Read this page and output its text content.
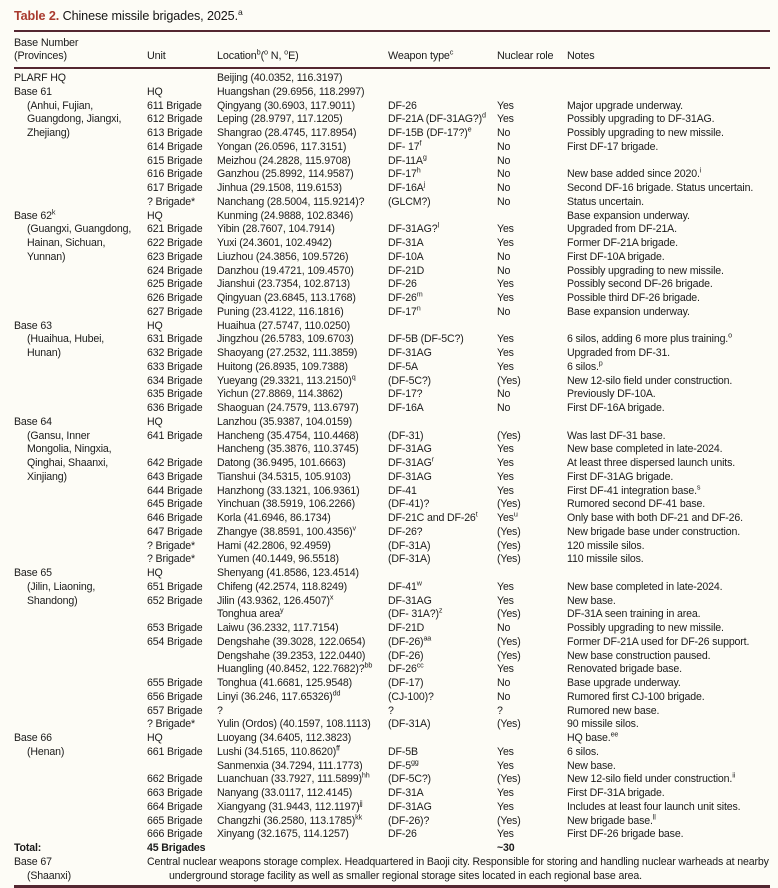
Table 2. Chinese missile brigades, 2025.$^a$
Base Number					
(Provinces)	Unit	Location$^b$($^o$ N, $^o$E)	Weapon type$^c$	Nuclear role	Notes
PLARF HQ		Beijing (40.0352, 116.3197)			
Base 61	HQ	Huangshan (29.6956, 118.2997)			
(Anhui, Fujian,	611 Brigade	Qingyang (30.6903, 117.9011)	DF-26	Yes	Major upgrade underway.
Guangdong, Jiangxi,	612 Brigade	Leping (28.9797, 117.1205)	DF-21A (DF-31AG?)$^d$	Yes	Possibly upgrading to DF-31AG.
Zhejiang)	613 Brigade	Shangrao (28.4745, 117.8954)	DF-15B (DF-17?)$^e$	No	Possibly upgrading to new missile.
	614 Brigade	Yongan (26.0596, 117.3151)	DF- 17$^f$	No	First DF-17 brigade.
	615 Brigade	Meizhou (24.2828, 115.9708)	$DF-11A^g$	No	
	616 Brigade	Ganzhou (25.8992, 114.9587)	DF-17$^h$	No	New base added since 2020.$^i$
	617 Brigade	Jinhua (29.1508, 119.6153)	$DF-16A^j$	No	Second DF-16 brigade. Status uncertain.
	? Brigade*	Nanchang (28.5004, 115.9214)?	(GLCM?)	No	Status uncertain.
Base 62$^k$	HQ	Kunming (24.9888, 102.8346)			Base expansion underway.
(Guangxi, Guangdong,	621 Brigade	Yibin (28.7607, 104.7914)	DF-31AG?$^l$	Yes	Upgraded from DF-21A.
Hainan, Sichuan,	622 Brigade	Yuxi (24.3601, 102.4942)	DF-31A	Yes	Former DF-21A brigade.
Yunnan)	623 Brigade	Liuzhou (24.3856, 109.5726)	DF-10A	No	First DF-10A brigade.
	624 Brigade	Danzhou (19.4721, 109.4570)	DF-21D	No	Possibly upgrading to new missile.
	625 Brigade	Jianshui (23.7354, 102.8713)	DF-26	Yes	Possibly second DF-26 brigade.
	626 Brigade	Qingyuan (23.6845, 113.1768)	DF-26$^m$	Yes	Possible third DF-26 brigade.
	627 Brigade	Puning (23.4122, 116.1816)	DF-17$^n$	No	Base expansion underway.
Base 63	HQ	Huaihua (27.5747, 110.0250)			
(Huaihua, Hubei,	631 Brigade	Jingzhou (26.5783, 109.6703)	DF-5B (DF-5C?)	Yes	6 silos, adding 6 more plus training.$^o$
Hunan)	632 Brigade	Shaoyang (27.2532, 111.3859)	DF-31AG	Yes	Upgraded from DF-31.
	633 Brigade	Huitong (26.8935, 109.7388)	DF-5A	Yes	6 silos.$^p$
	634 Brigade	Yueyang (29.3321, 113.2150)$^q$	(DF-5C?)	(Yes)	New 12-silo field under construction.
	635 Brigade	Yichun (27.8869, 114.3862)	DF-17?	No	Previously DF-10A.
	636 Brigade	Shaoguan (24.7579, 113.6797)	DF-16A	No	First DF-16A brigade.
Base 64	HQ	Lanzhou (35.9387, 104.0159)			
(Gansu, Inner	641 Brigade	Hancheng (35.4754, 110.4468)	(DF-31)	(Yes)	Was last DF-31 base.
Mongolia, Ningxia,		Hancheng (35.3876, 110.3745)	DF-31AG	Yes	New base completed in late-2024.
Qinghai, Shaanxi,	642 Brigade	Datong (36.9495, 101.6663)	$DF-31AG^r$	Yes	At least three dispersed launch units.
Xinjiang)	643 Brigade	Tianshui (34.5315, 105.9103)	DF-31AG	Yes	First DF-31AG brigade.
	644 Brigade	Hanzhong (33.1321, 106.9361)	DF-41	Yes	First DF-41 integration base.$^s$
	645 Brigade	Yinchuan (38.5919, 106.2266)	(DF-41)?	(Yes)	Rumored second DF-41 base.
	646 Brigade	Korla (41.6946, 86.1734)	DF-21C and DF-26$^t$	Yes$^u$	Only base with both DF-21 and DF-26.
	647 Brigade	Zhangye (38.8591, 100.4356)$^v$	DF-26?	(Yes)	New brigade base under construction.
	? Brigade*	Hami (42.2806, 92.4959)	(DF-31A)	(Yes)	120 missile silos.
	? Brigade*	Yumen (40.1449, 96.5518)	(DF-31A)	(Yes)	110 missile silos.
Base 65	HQ	Shenyang (41.8586, 123.4514)			
(Jilin, Liaoning,	651 Brigade	Chifeng (42.2574, 118.8249)	DF-41$^w$	Yes	New base completed in late-2024.
Shandong)	652 Brigade	Jilin (43.9362, 126.4507)$^x$	DF-31AG	Yes	New base.
		Tonghua area$^y$	(DF- 31A?)$^z$	(Yes)	DF-31A seen training in area.
	653 Brigade	Laiwu (36.2332, 117.7154)	DF-21D	No	Possibly upgrading to new missile.
	654 Brigade	Dengshahe (39.3028, 122.0654)	$(DF-26)^{aa}$	(Yes)	Former DF-21A used for DF-26 support.
		Dengshahe (39.2353, 122.0440)	(DF-26)	(Yes)	New base construction paused.
		Huangling (40.8452, 122.7682)?$^{bb}$	$DF-26^{cc}$	Yes	Renovated brigade base.
	655 Brigade	Tonghua (41.6681, 125.9548)	(DF-17)	No	Base upgrade underway.
	656 Brigade	Linyi (36.246, 117.65326)$^{dd}$	(CJ-100)?	No	Rumored first CJ-100 brigade.
	657 Brigade	?	?	?	Rumored new base.
	? Brigade*	Yulin (Ordos) (40.1597, 108.1113)	(DF-31A)	(Yes)	90 missile silos.
Base 66	HQ	Luoyang (34.6405, 112.3823)			HQ base.$^{ee}$
(Henan)	661 Brigade	Lushi (34.5165, 110.8620)$^{ff}$	DF-5B	Yes	6 silos.
		Sanmenxia (34.7294, 111.1773)	$DF-5^{gg}$	Yes	New base.
	662 Brigade	Luanchuan (33.7927, 111.5899)$^{hh}$	(DF-5C?)	(Yes)	New 12-silo field under construction.$^{ii}$
	663 Brigade	Nanyang (33.0117, 112.4145)	DF-31A	Yes	First DF-31A brigade.
	664 Brigade	Xiangyang (31.9443, 112.1197)$^{jj}$	DF-31AG	Yes	Includes at least four launch unit sites.
	665 Brigade	Changzhi (36.2580, 113.1785)$^{kk}$	(DF-26)?	(Yes)	New brigade base.$^{ll}$
	666 Brigade	Xinyang (32.1675, 114.1257)	DF-26	Yes	First DF-26 brigade base.
Total:	45 Brigades			~30	

Base 67
(Shaanxi)	Central nuclear weapons storage complex. Headquartered in Baoji city. Responsible for storing and handling nuclear warheads at nearby underground storage facility as well as smaller regional storage sites located in each regional base area.				
